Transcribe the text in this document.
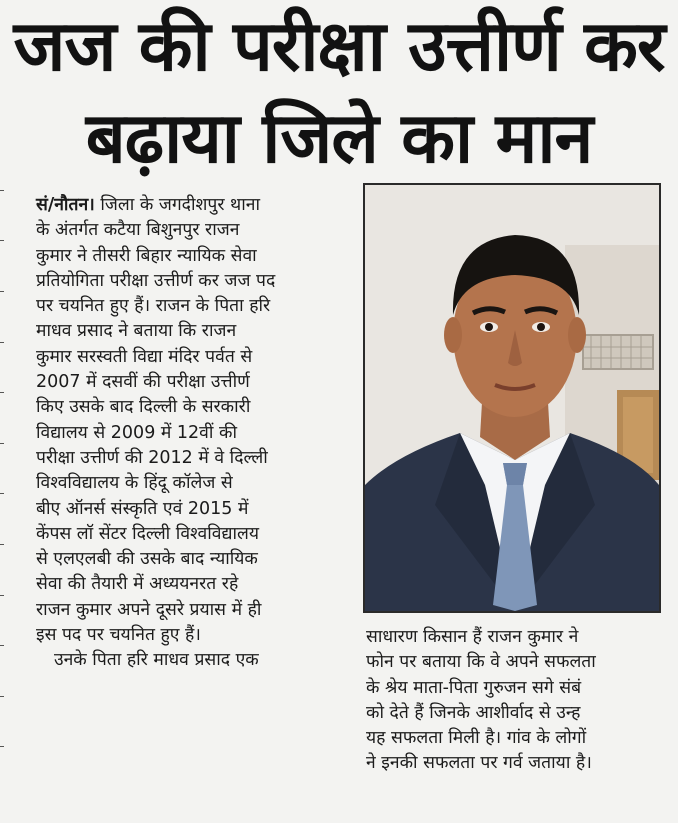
जज की परीक्षा उत्तीर्ण कर
बढ़ाया जिले का मान
सं/नौतन। जिला के जगदीशपुर थाना
के अंतर्गत कटैया बिशुनपुर राजन
कुमार ने तीसरी बिहार न्यायिक सेवा
प्रतियोगिता परीक्षा उत्तीर्ण कर जज पद
पर चयनित हुए हैं। राजन के पिता हरि
माधव प्रसाद ने बताया कि राजन
कुमार सरस्वती विद्या मंदिर पर्वत से
2007 में दसवीं की परीक्षा उत्तीर्ण
किए उसके बाद दिल्ली के सरकारी
विद्यालय से 2009 में 12वीं की
परीक्षा उत्तीर्ण की 2012 में वे दिल्ली
विश्वविद्यालय के हिंदू कॉलेज से
बीए ऑनर्स संस्कृति एवं 2015 में
केंपस लॉ सेंटर दिल्ली विश्वविद्यालय
से एलएलबी की उसके बाद न्यायिक
सेवा की तैयारी में अध्ययनरत रहे
राजन कुमार अपने दूसरे प्रयास में ही
इस पद पर चयनित हुए हैं।
उनके पिता हरि माधव प्रसाद एक
साधारण किसान हैं राजन कुमार ने
फोन पर बताया कि वे अपने सफलता
के श्रेय माता-पिता गुरुजन सगे संबं
को देते हैं जिनके आशीर्वाद से उन्ह
यह सफलता मिली है। गांव के लोगों
ने इनकी सफलता पर गर्व जताया है।
